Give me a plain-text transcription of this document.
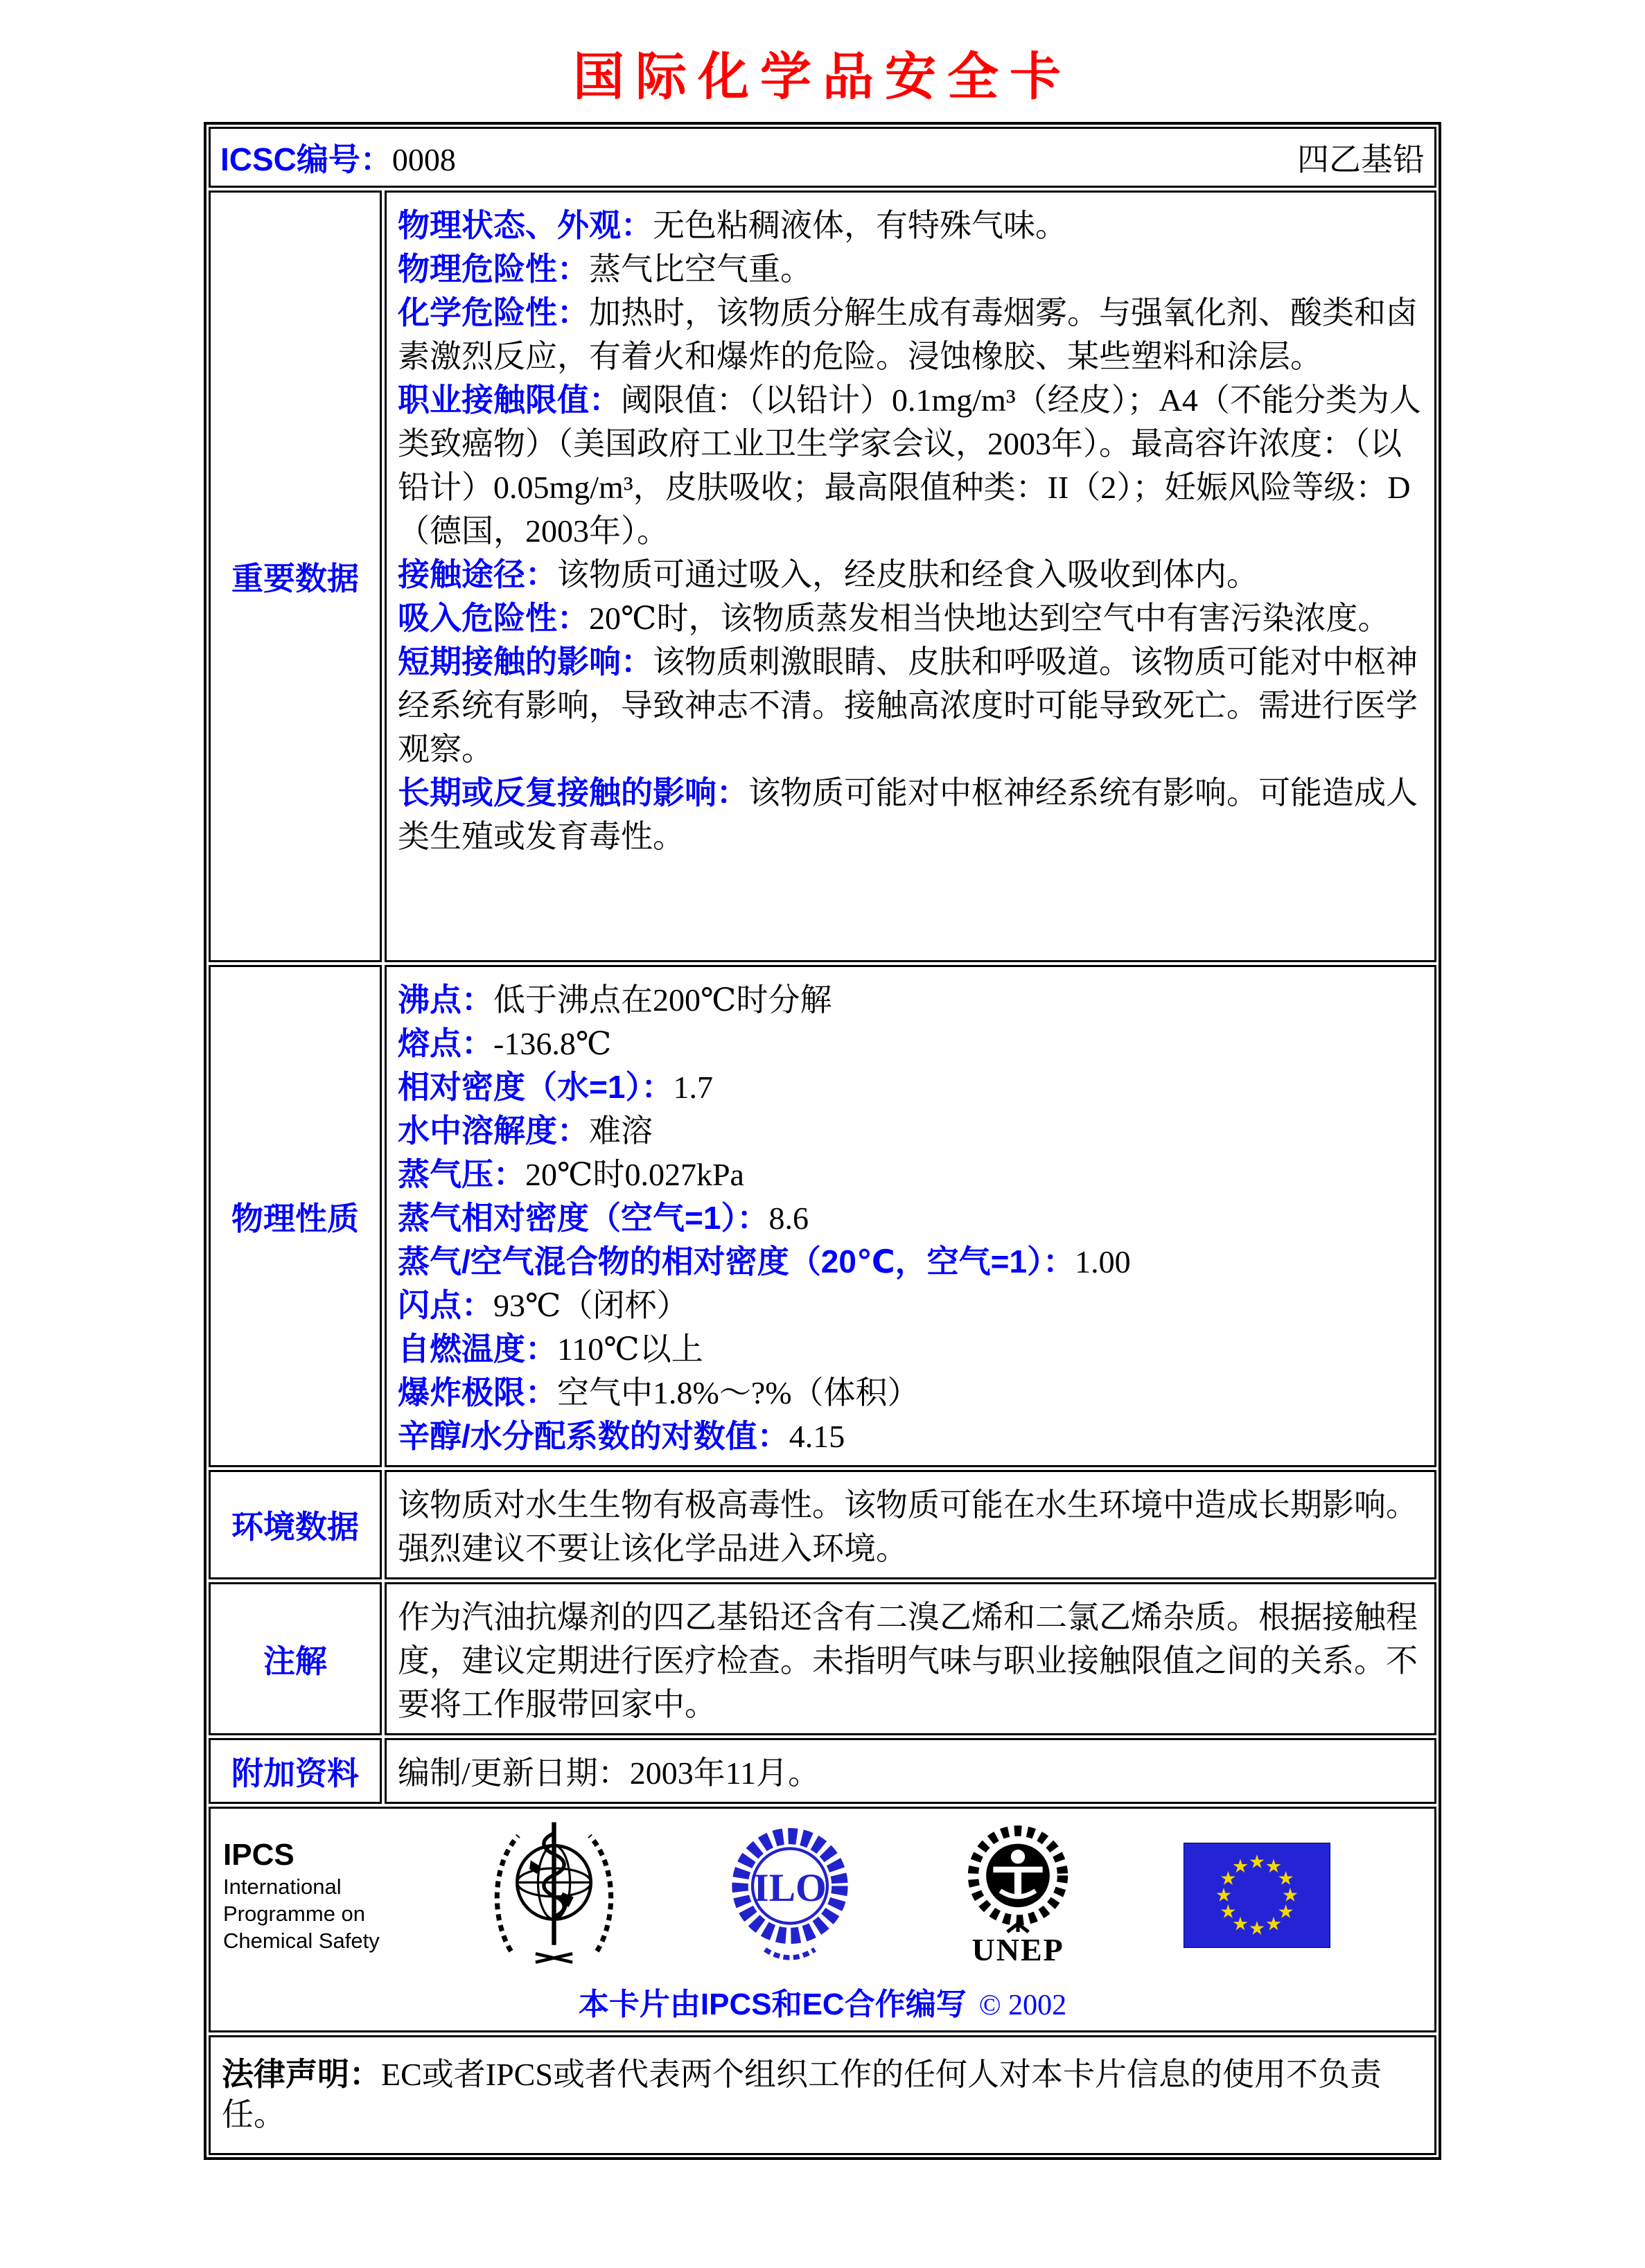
国际化学品安全卡
ICSC编号：0008	四乙基铅
重要数据

物理状态、外观：无色粘稠液体，有特殊气味。

物理危险性：蒸气比空气重。

化学危险性：加热时，该物质分解生成有毒烟雾。与强氧化剂、酸类和卤素激烈反应，有着火和爆炸的危险。浸蚀橡胶、某些塑料和涂层。

职业接触限值：阈限值：（以铅计）0.1mg/m³（经皮）；A4（不能分类为人类致癌物）（美国政府工业卫生学家会议，2003年）。最高容许浓度：（以铅计）0.05mg/m³，皮肤吸收；最高限值种类：II（2）；妊娠风险等级：D（德国，2003年）。

接触途径：该物质可通过吸入，经皮肤和经食入吸收到体内。

吸入危险性：20℃时，该物质蒸发相当快地达到空气中有害污染浓度。

短期接触的影响：该物质刺激眼睛、皮肤和呼吸道。该物质可能对中枢神经系统有影响，导致神志不清。接触高浓度时可能导致死亡。需进行医学观察。

长期或反复接触的影响：该物质可能对中枢神经系统有影响。可能造成人类生殖或发育毒性。

物理性质

沸点：低于沸点在200℃时分解

熔点：-136.8℃

相对密度（水=1）：1.7

水中溶解度：难溶

蒸气压：20℃时0.027kPa

蒸气相对密度（空气=1）：8.6

蒸气/空气混合物的相对密度（20℃，空气=1）：1.00

闪点：93℃（闭杯）

自燃温度：110℃以上

爆炸极限：空气中1.8%～?%（体积）

辛醇/水分配系数的对数值：4.15

环境数据

该物质对水生生物有极高毒性。该物质可能在水生环境中造成长期影响。强烈建议不要让该化学品进入环境。

注解

作为汽油抗爆剂的四乙基铅还含有二溴乙烯和二氯乙烯杂质。根据接触程度，建议定期进行医疗检查。未指明气味与职业接触限值之间的关系。不要将工作服带回家中。

附加资料	编制/更新日期：2003年11月。

IPCS
International
Programme on
Chemical Safety
ILO
UNEP
本卡片由IPCS和EC合作编写 © 2002
法律声明：EC或者IPCS或者代表两个组织工作的任何人对本卡片信息的使用不负责任。
